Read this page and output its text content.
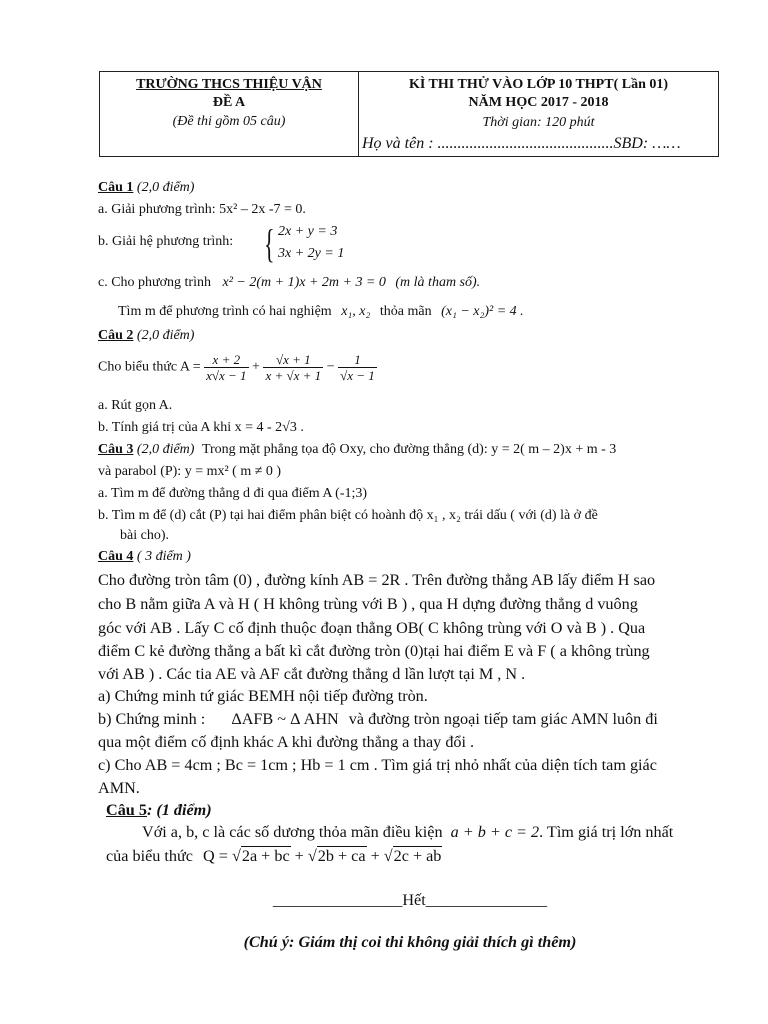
TRƯỜNG THCS THIỆU VẬN
ĐỀ A
(Đề thi gồm 05 câu)
KÌ THI THỬ VÀO LỚP 10 THPT( Lần 01)
NĂM HỌC 2017 - 2018
Thời gian: 120 phút
Họ và tên : ............................................SBD: ……
Câu 1 (2,0 điểm)
a. Giải phương trình: 5x² – 2x -7 = 0.
b. Giải hệ phương trình: { 2x + y = 3
3x + 2y = 1
c. Cho phương trình x² − 2(m + 1)x + 2m + 3 = 0 (m là tham số).
Tìm m để phương trình có hai nghiệm x₁, x₂ thỏa mãn (x₁ − x₂)² = 4 .
Câu 2 (2,0 điểm)
Cho biểu thức $A = \frac{x + 2}{x√x - 1} + \frac{√x + 1}{x + √x + 1} - \frac{1}{√x - 1}$
a. Rút gọn A.
b. Tính giá trị của A khi x = 4 - 2√3 .
Câu 3 (2,0 điểm) Trong mặt phẳng tọa độ Oxy, cho đường thẳng (d): y = 2( m – 2)x + m - 3
và parabol (P): y = mx² ( m ≠ 0 )
a. Tìm m để đường thẳng d đi qua điểm A (-1;3)
b. Tìm m để (d) cắt (P) tại hai điểm phân biệt có hoành độ x₁ , x₂ trái dấu ( với (d) là ở đề
bài cho).
Câu 4 ( 3 điểm )
Cho đường tròn tâm (0) , đường kính AB = 2R . Trên đường thẳng AB lấy điểm H sao
cho B nằm giữa A và H ( H không trùng với B ) , qua H dựng đường thẳng d vuông
góc với AB . Lấy C cố định thuộc đoạn thẳng OB( C không trùng với O và B ) . Qua
điểm C kẻ đường thẳng a bất kì cắt đường tròn (0)tại hai điểm E và F ( a không trùng
với AB ) . Các tia AE và AF cắt đường thẳng d lần lượt tại M , N .
a) Chứng minh tứ giác BEMH nội tiếp đường tròn.
b) Chứng minh : ΔAFB ~ Δ AHN và đường tròn ngoại tiếp tam giác AMN luôn đi
qua một điểm cố định khác A khi đường thẳng a thay đổi .
c) Cho AB = 4cm ; Bc = 1cm ; Hb = 1 cm . Tìm giá trị nhỏ nhất của diện tích tam giác
AMN.
Câu 5: (1 điểm)
Với a, b, c là các số dương thỏa mãn điều kiện a + b + c = 2. Tìm giá trị lớn nhất
của biểu thức Q = √2a + bc + √2b + ca + √2c + ab
________________Hết_______________
(Chú ý: Giám thị coi thi không giải thích gì thêm)
